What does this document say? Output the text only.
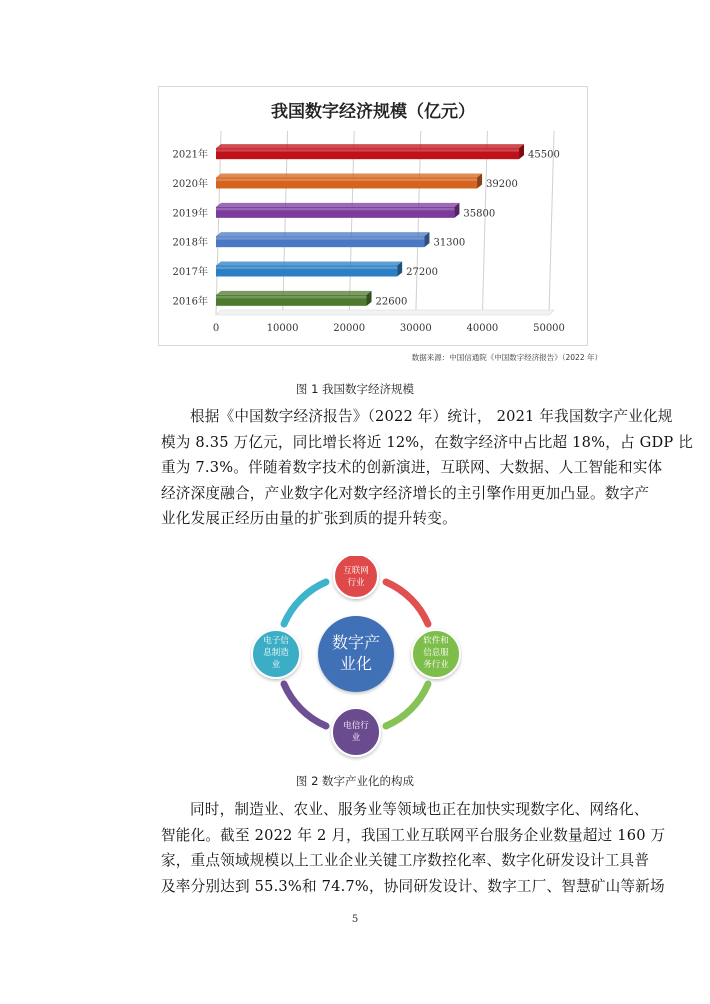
我国数字经济规模（亿元）
0	10000	20000	30000	40000	50000
2021年	45500
2020年	39200
2019年	35800
2018年	31300
2017年	27200
2016年	22600
数据来源：中国信通院《中国数字经济报告》（2022 年）
图 1 我国数字经济规模
根据《中国数字经济报告》（2022 年）统计， 2021 年我国数字产业化规
模为 8.35 万亿元，同比增长将近 12%，在数字经济中占比超 18%，占 GDP 比
重为 7.3%。伴随着数字技术的创新演进，互联网、大数据、人工智能和实体
经济深度融合，产业数字化对数字经济增长的主引擎作用更加凸显。数字产
业化发展正经历由量的扩张到质的提升转变。
数字产
业化
互联网
行业
软件和
信息服
务行业
电信行
业
电子信
息制造
业
图 2 数字产业化的构成
同时，制造业、农业、服务业等领域也正在加快实现数字化、网络化、
智能化。截至 2022 年 2 月，我国工业互联网平台服务企业数量超过 160 万
家，重点领域规模以上工业企业关键工序数控化率、数字化研发设计工具普
及率分别达到 55.3%和 74.7%，协同研发设计、数字工厂、智慧矿山等新场
5
